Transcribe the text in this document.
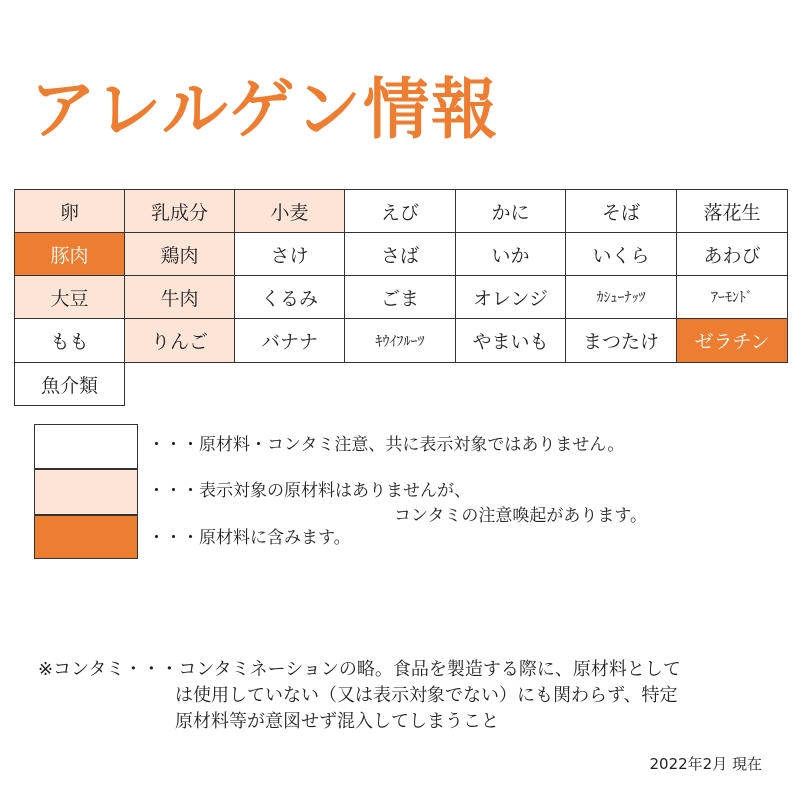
アレルゲン情報
卵	乳成分	小麦	えび	かに	そば	落花生
豚肉	鶏肉	さけ	さば	いか	いくら	あわび
大豆	牛肉	くるみ	ごま	オレンジ	ｶｼｭｰﾅｯﾂ	ｱｰﾓﾝﾄﾞ
もも	りんご	バナナ	ｷｳｲﾌﾙｰﾂ	やまいも	まつたけ	ゼラチン
魚介類
・・・原材料・コンタミ注意、共に表示対象ではありません。
・・・表示対象の原材料はありませんが、
コンタミの注意喚起があります。
・・・原材料に含みます。
※コンタミ・・・コンタミネーションの略。食品を製造する際に、原材料として
は使用していない（又は表示対象でない）にも関わらず、特定
原材料等が意図せず混入してしまうこと
2022年2月 現在
